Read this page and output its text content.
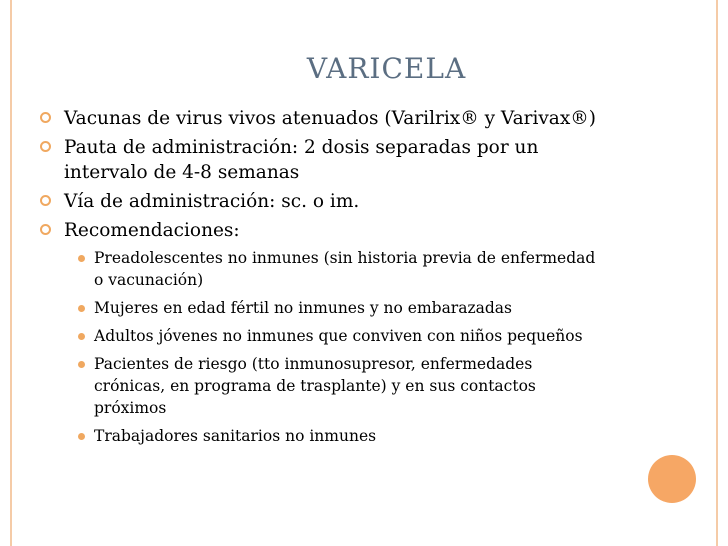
VARICELA
Vacunas de virus vivos atenuados (Varilrix® y Varivax®)
Pauta de administración: 2 dosis separadas por un intervalo de 4-8 semanas
Vía de administración: sc. o im.
Recomendaciones:
Preadolescentes no inmunes (sin historia previa de enfermedad o vacunación)
Mujeres en edad fértil no inmunes y no embarazadas
Adultos jóvenes no inmunes que conviven con niños pequeños
Pacientes de riesgo (tto inmunosupresor, enfermedades crónicas, en programa de trasplante) y en sus contactos próximos
Trabajadores sanitarios no inmunes
